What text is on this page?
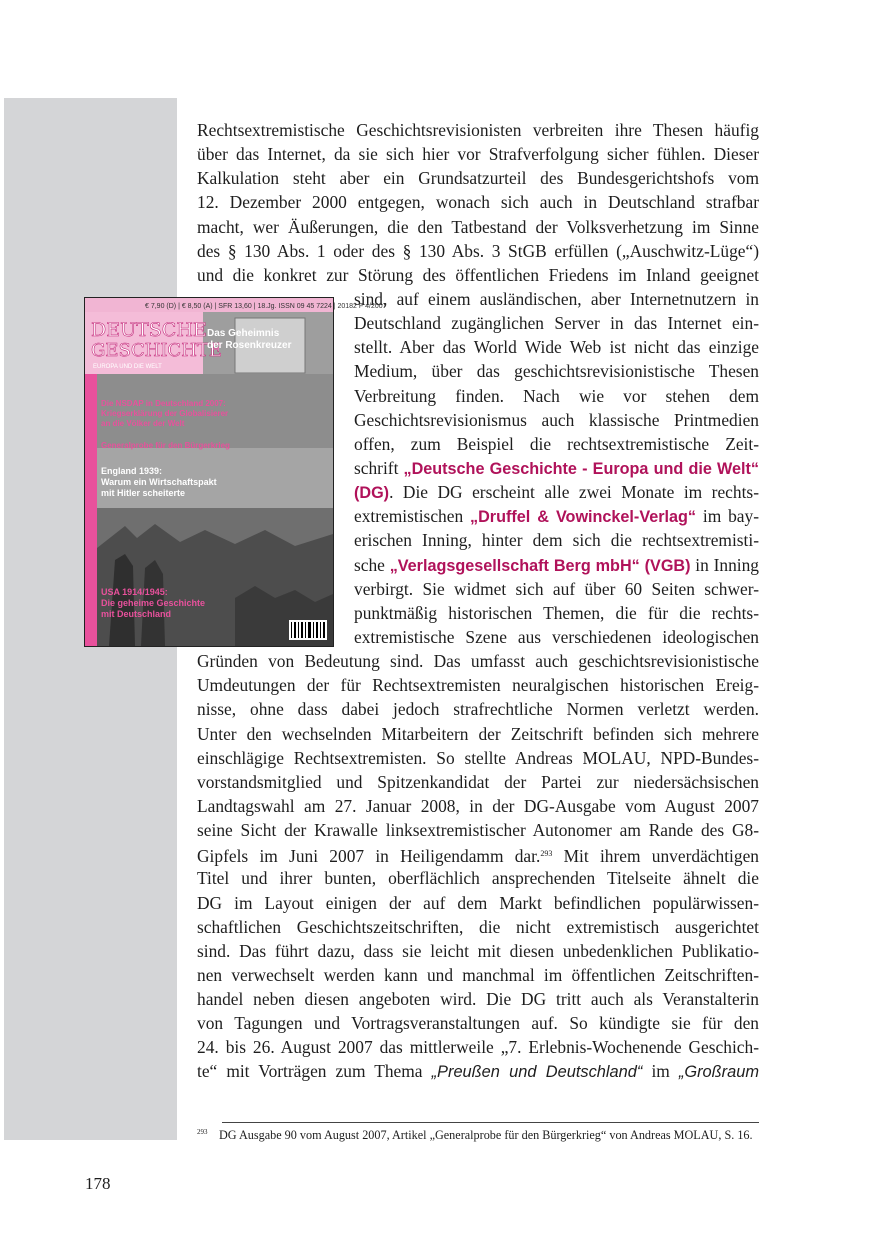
Rechtsextremistische Geschichtsrevisionisten verbreiten ihre Thesen häufig
über das Internet, da sie sich hier vor Strafverfolgung sicher fühlen. Dieser
Kalkulation steht aber ein Grundsatzurteil des Bundesgerichtshofs vom
12. Dezember 2000 entgegen, wonach sich auch in Deutschland strafbar
macht, wer Äußerungen, die den Tatbestand der Volksverhetzung im Sinne
des § 130 Abs. 1 oder des § 130 Abs. 3 StGB erfüllen („Auschwitz-Lüge“)
und die konkret zur Störung des öffentlichen Friedens im Inland geeignet
sind, auf einem ausländischen, aber Internetnutzern in
Deutschland zugänglichen Server in das Internet ein-
stellt. Aber das World Wide Web ist nicht das einzige
Medium, über das geschichtsrevisionistische Thesen
Verbreitung finden. Nach wie vor stehen dem
Geschichtsrevisionismus auch klassische Printmedien
offen, zum Beispiel die rechtsextremistische Zeit-
schrift „Deutsche Geschichte - Europa und die Welt“
(DG). Die DG erscheint alle zwei Monate im rechts-
extremistischen „Druffel & Vowinckel-Verlag“ im bay-
erischen Inning, hinter dem sich die rechtsextremisti-
sche „Verlagsgesellschaft Berg mbH“ (VGB) in Inning
verbirgt. Sie widmet sich auf über 60 Seiten schwer-
punktmäßig historischen Themen, die für die rechts-
extremistische Szene aus verschiedenen ideologischen
Gründen von Bedeutung sind. Das umfasst auch geschichtsrevisionistische
Umdeutungen der für Rechtsextremisten neuralgischen historischen Ereig-
nisse, ohne dass dabei jedoch strafrechtliche Normen verletzt werden.
Unter den wechselnden Mitarbeitern der Zeitschrift befinden sich mehrere
einschlägige Rechtsextremisten. So stellte Andreas MOLAU, NPD-Bundes-
vorstandsmitglied und Spitzenkandidat der Partei zur niedersächsischen
Landtagswahl am 27. Januar 2008, in der DG-Ausgabe vom August 2007
seine Sicht der Krawalle linksextremistischer Autonomer am Rande des G8-
Gipfels im Juni 2007 in Heiligendamm dar.$^{293}$ Mit ihrem unverdächtigen
Titel und ihrer bunten, oberflächlich ansprechenden Titelseite ähnelt die
DG im Layout einigen der auf dem Markt befindlichen populärwissen-
schaftlichen Geschichtszeitschriften, die nicht extremistisch ausgerichtet
sind. Das führt dazu, dass sie leicht mit diesen unbedenklichen Publikatio-
nen verwechselt werden kann und manchmal im öffentlichen Zeitschriften-
handel neben diesen angeboten wird. Die DG tritt auch als Veranstalterin
von Tagungen und Vortragsveranstaltungen auf. So kündigte sie für den
24. bis 26. August 2007 das mittlerweile „7. Erlebnis-Wochenende Geschich-
te“ mit Vorträgen zum Thema „Preußen und Deutschland“ im „Großraum
€ 7,90 (D) | € 8,50 (A) | SFR 13,60 | 18.Jg. ISSN 09 45 7224 | 20182 F 4/2007
DEUTSCHE
GESCHICHTE
EUROPA UND DIE WELT
Das Geheimnis
der Rosenkreuzer
Die NSDAP in Deutschland 2007:
Kriegserklärung der Globalisierer
an die Völker der Welt
Generalprobe für den Bürgerkrieg
England 1939:
Warum ein Wirtschaftspakt
mit Hitler scheiterte
USA 1914/1945:
Die geheime Geschichte
mit Deutschland
293 DG Ausgabe 90 vom August 2007, Artikel „Generalprobe für den Bürgerkrieg“ von Andreas MOLAU, S. 16.
178
